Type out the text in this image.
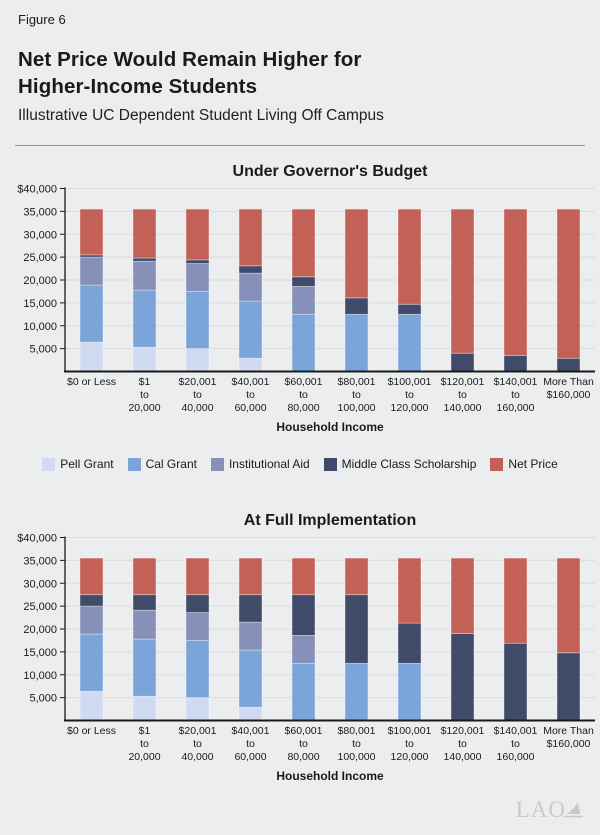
Figure 6
Net Price Would Remain Higher for
Higher-Income Students
Illustrative UC Dependent Student Living Off Campus
Under Governor's Budget
$40,000
35,000
30,000
25,000
20,000
15,000
10,000
5,000
$0 or Less $1
to
20,000
$20,001
to
40,000
$40,001
to
60,000
$60,001
to
80,000
$80,001
to
100,000
$100,001
to
120,000
$120,001
to
140,000
$140,001
to
160,000
More Than
$160,000
Household Income
Pell Grant	Cal Grant	Institutional Aid	Middle Class Scholarship	Net Price
At Full Implementation
$40,000
35,000
30,000
25,000
20,000
15,000
10,000
5,000
$0 or Less $1
to
20,000
$20,001
to
40,000
$40,001
to
60,000
$60,001
to
80,000
$80,001
to
100,000
$100,001
to
120,000
$120,001
to
140,000
$140,001
to
160,000
More Than
$160,000
Household Income
LAO
